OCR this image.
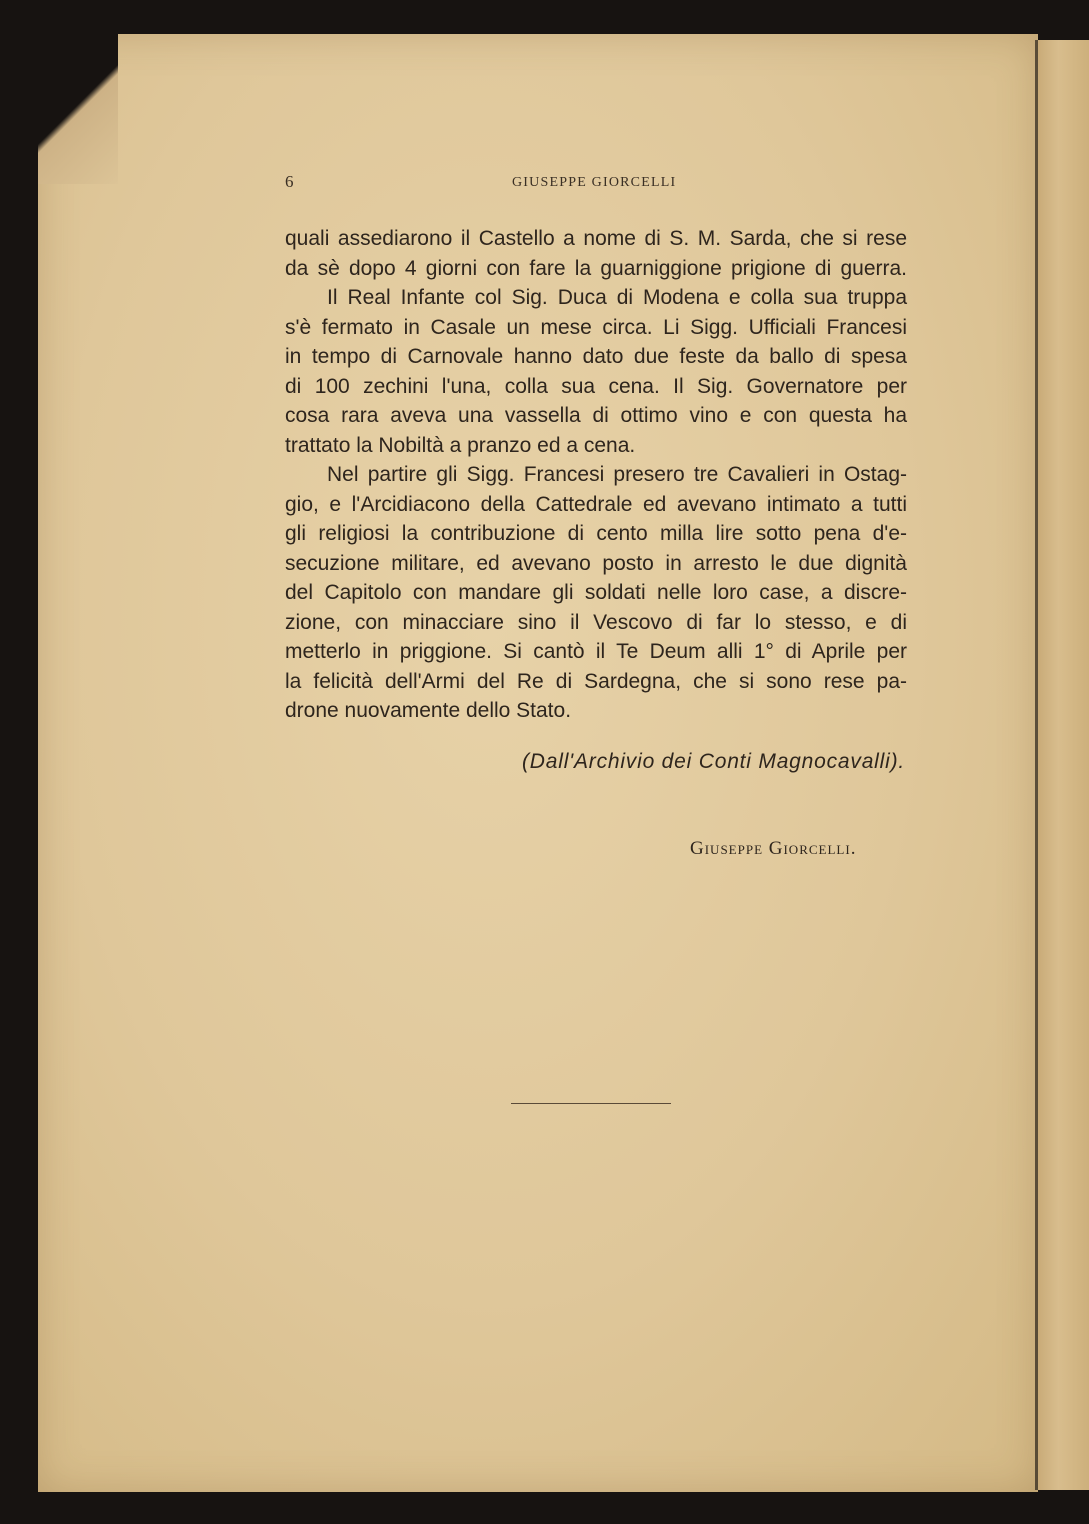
6	GIUSEPPE GIORCELLI
quali assediarono il Castello a nome di S. M. Sarda, che si rese
da sè dopo 4 giorni con fare la guarniggione prigione di guerra.
Il Real Infante col Sig. Duca di Modena e colla sua truppa
s'è fermato in Casale un mese circa. Li Sigg. Ufficiali Francesi
in tempo di Carnovale hanno dato due feste da ballo di spesa
di 100 zechini l'una, colla sua cena. Il Sig. Governatore per
cosa rara aveva una vassella di ottimo vino e con questa ha
trattato la Nobiltà a pranzo ed a cena.
Nel partire gli Sigg. Francesi presero tre Cavalieri in Ostag-
gio, e l'Arcidiacono della Cattedrale ed avevano intimato a tutti
gli religiosi la contribuzione di cento milla lire sotto pena d'e-
secuzione militare, ed avevano posto in arresto le due dignità
del Capitolo con mandare gli soldati nelle loro case, a discre-
zione, con minacciare sino il Vescovo di far lo stesso, e di
metterlo in priggione. Si cantò il Te Deum alli 1° di Aprile per
la felicità dell'Armi del Re di Sardegna, che si sono rese pa-
drone nuovamente dello Stato.
(Dall'Archivio dei Conti Magnocavalli).
Giuseppe Giorcelli.
